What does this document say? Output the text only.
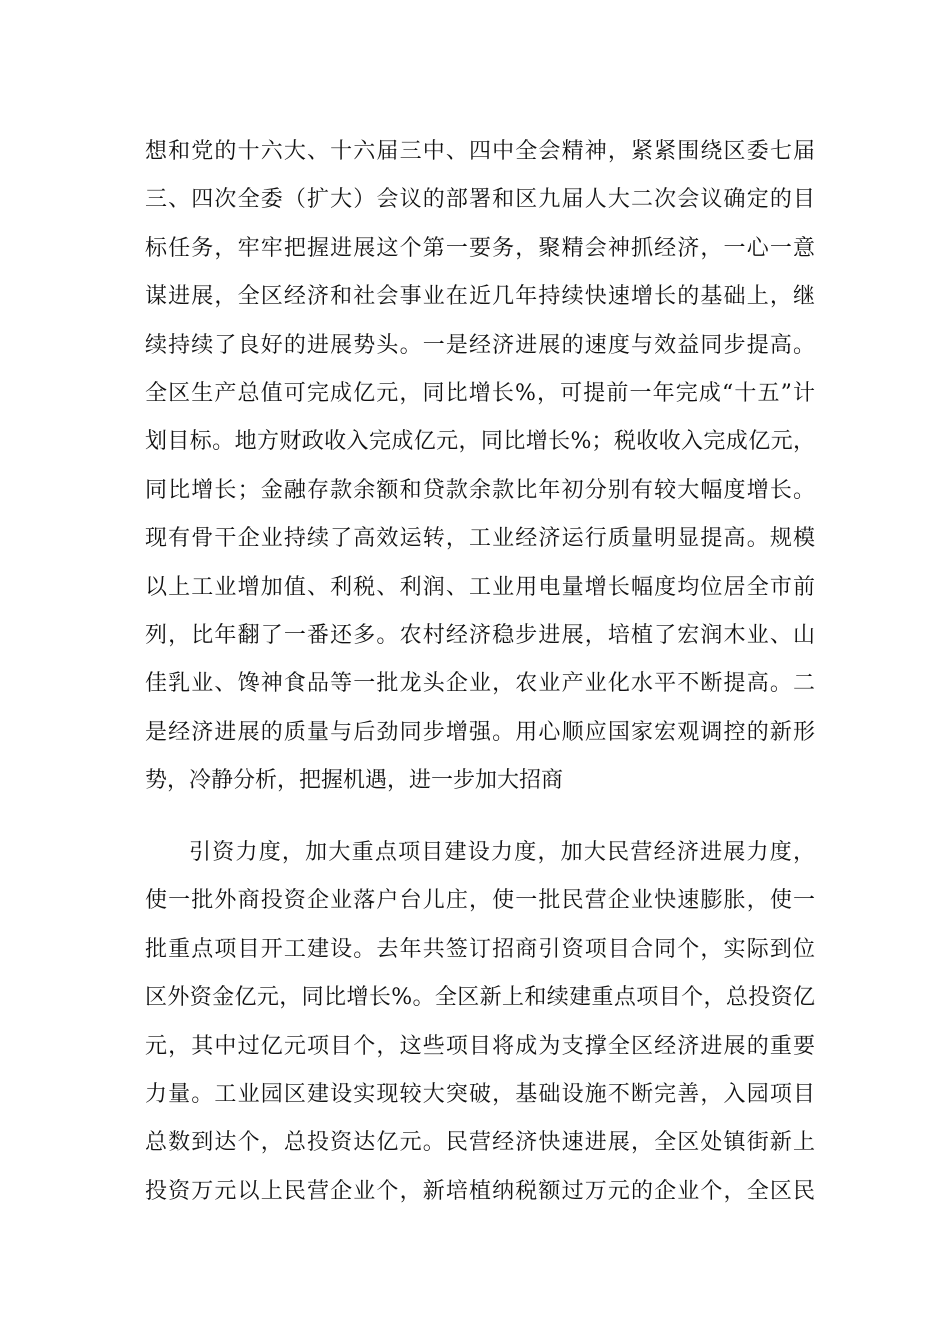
想和党的十六大、十六届三中、四中全会精神，紧紧围绕区委七届
三、四次全委（扩大）会议的部署和区九届人大二次会议确定的目
标任务，牢牢把握进展这个第一要务，聚精会神抓经济，一心一意
谋进展，全区经济和社会事业在近几年持续快速增长的基础上，继
续持续了良好的进展势头。一是经济进展的速度与效益同步提高。
全区生产总值可完成亿元，同比增长%，可提前一年完成“十五”计
划目标。地方财政收入完成亿元，同比增长%；税收收入完成亿元，
同比增长；金融存款余额和贷款余款比年初分别有较大幅度增长。
现有骨干企业持续了高效运转，工业经济运行质量明显提高。规模
以上工业增加值、利税、利润、工业用电量增长幅度均位居全市前
列，比年翻了一番还多。农村经济稳步进展，培植了宏润木业、山
佳乳业、馋神食品等一批龙头企业，农业产业化水平不断提高。二
是经济进展的质量与后劲同步增强。用心顺应国家宏观调控的新形
势，冷静分析，把握机遇，进一步加大招商
引资力度，加大重点项目建设力度，加大民营经济进展力度，
使一批外商投资企业落户台儿庄，使一批民营企业快速膨胀，使一
批重点项目开工建设。去年共签订招商引资项目合同个，实际到位
区外资金亿元，同比增长%。全区新上和续建重点项目个，总投资亿
元，其中过亿元项目个，这些项目将成为支撑全区经济进展的重要
力量。工业园区建设实现较大突破，基础设施不断完善，入园项目
总数到达个，总投资达亿元。民营经济快速进展，全区处镇街新上
投资万元以上民营企业个，新培植纳税额过万元的企业个，全区民
